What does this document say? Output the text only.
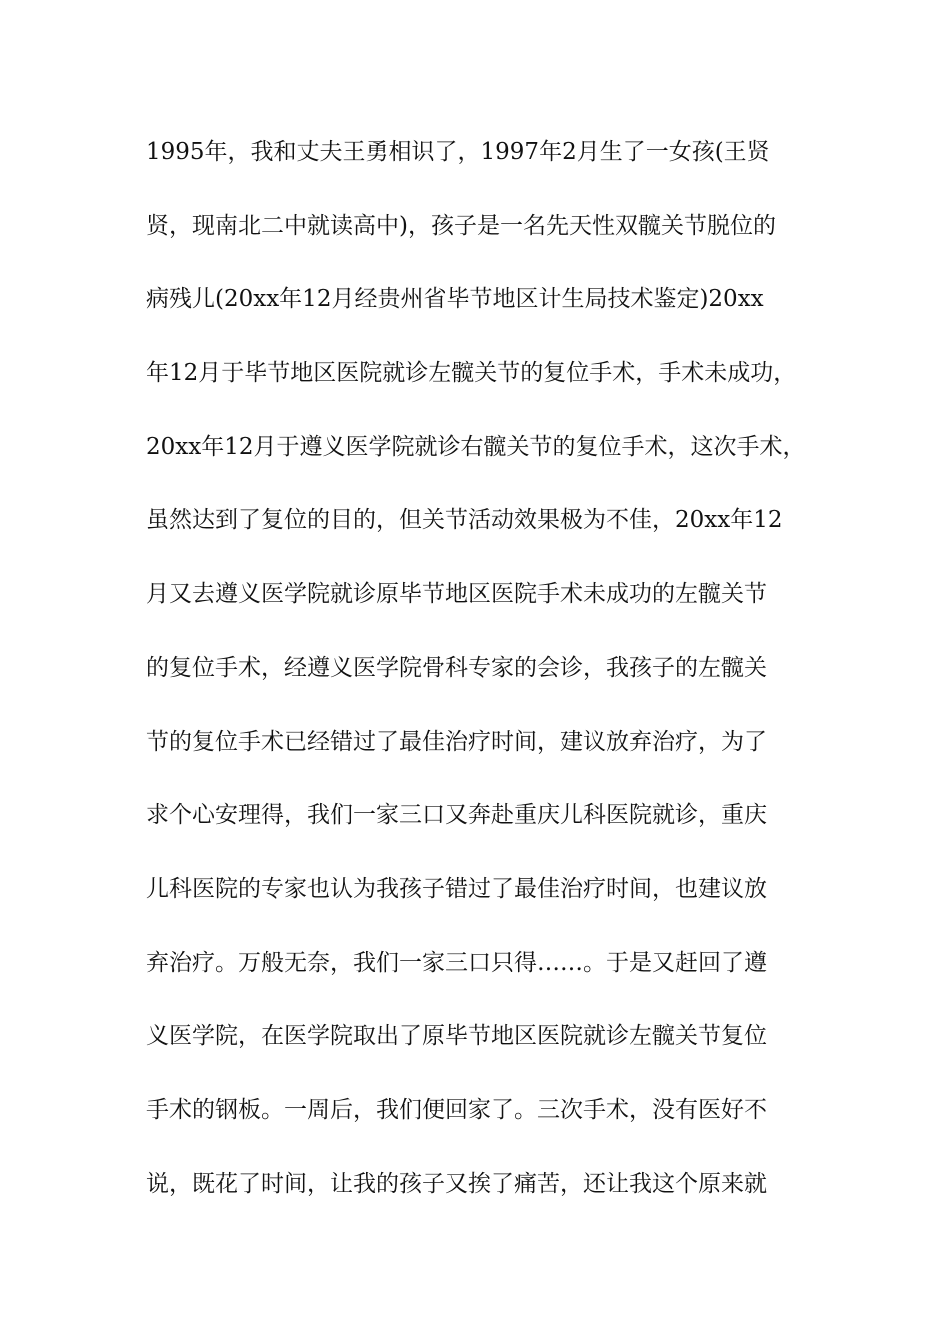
1995年，我和丈夫王勇相识了，1997年2月生了一女孩(王贤
贤，现南北二中就读高中)，孩子是一名先天性双髋关节脱位的
病残儿(20xx年12月经贵州省毕节地区计生局技术鉴定)20xx
年12月于毕节地区医院就诊左髋关节的复位手术，手术未成功，
20xx年12月于遵义医学院就诊右髋关节的复位手术，这次手术，
虽然达到了复位的目的，但关节活动效果极为不佳，20xx年12
月又去遵义医学院就诊原毕节地区医院手术未成功的左髋关节
的复位手术，经遵义医学院骨科专家的会诊，我孩子的左髋关
节的复位手术已经错过了最佳治疗时间，建议放弃治疗，为了
求个心安理得，我们一家三口又奔赴重庆儿科医院就诊，重庆
儿科医院的专家也认为我孩子错过了最佳治疗时间，也建议放
弃治疗。万般无奈，我们一家三口只得……。于是又赶回了遵
义医学院，在医学院取出了原毕节地区医院就诊左髋关节复位
手术的钢板。一周后，我们便回家了。三次手术，没有医好不
说，既花了时间，让我的孩子又挨了痛苦，还让我这个原来就
